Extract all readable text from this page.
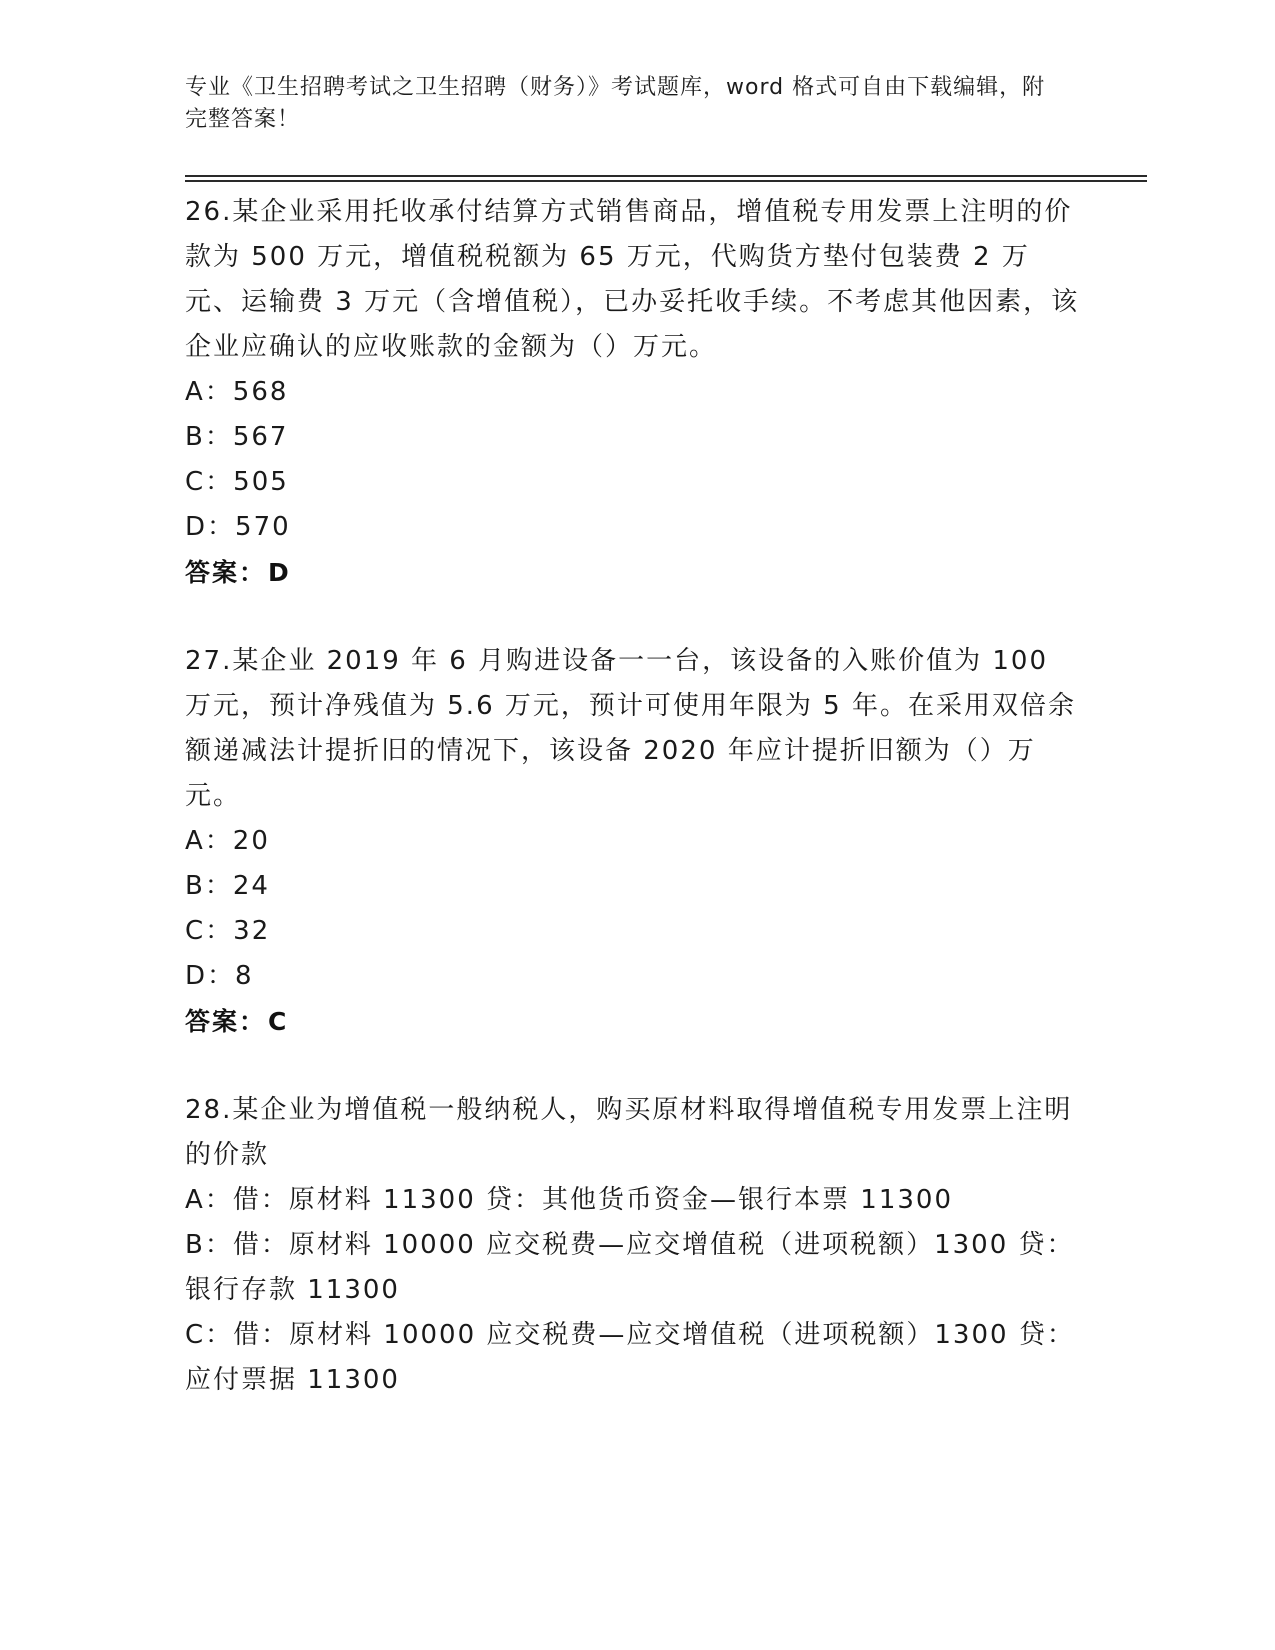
专业《卫生招聘考试之卫生招聘（财务）》考试题库，word 格式可自由下载编辑，附完整答案！
26.某企业采用托收承付结算方式销售商品，增值税专用发票上注明的价款为 500 万元，增值税税额为 65 万元，代购货方垫付包装费 2 万元、运输费 3 万元（含增值税），已办妥托收手续。不考虑其他因素，该企业应确认的应收账款的金额为（）万元。
A：568
B：567
C：505
D：570
答案：D
27.某企业 2019 年 6 月购进设备一一台，该设备的入账价值为 100 万元，预计净残值为 5.6 万元，预计可使用年限为 5 年。在采用双倍余额递减法计提折旧的情况下，该设备 2020 年应计提折旧额为（）万元。
A：20
B：24
C：32
D：8
答案：C
28.某企业为增值税一般纳税人，购买原材料取得增值税专用发票上注明的价款
A：借：原材料 11300 贷：其他货币资金—银行本票 11300
B：借：原材料 10000 应交税费—应交增值税（进项税额）1300 贷：银行存款 11300
C：借：原材料 10000 应交税费—应交增值税（进项税额）1300 贷：应付票据 11300
